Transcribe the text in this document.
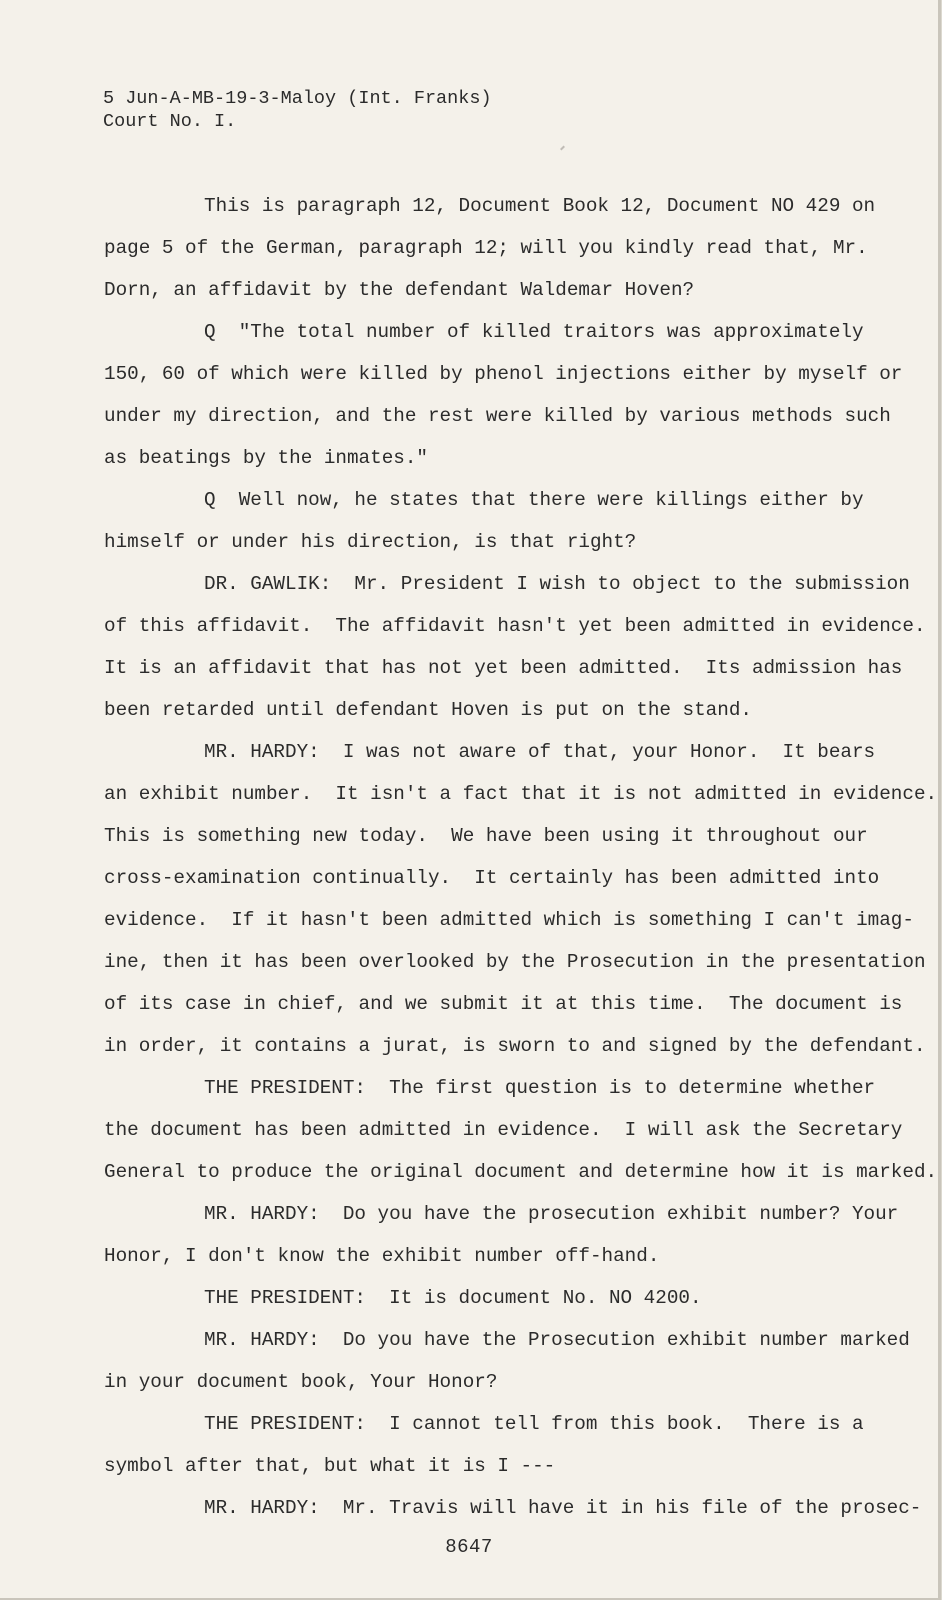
5 Jun-A-MB-19-3-Maloy (Int. Franks)
Court No. I.
This is paragraph 12, Document Book 12, Document NO 429 on
page 5 of the German, paragraph 12; will you kindly read that, Mr.
Dorn, an affidavit by the defendant Waldemar Hoven?
Q  "The total number of killed traitors was approximately
150, 60 of which were killed by phenol injections either by myself or
under my direction, and the rest were killed by various methods such
as beatings by the inmates."
Q  Well now, he states that there were killings either by
himself or under his direction, is that right?
DR. GAWLIK:  Mr. President I wish to object to the submission
of this affidavit.  The affidavit hasn't yet been admitted in evidence.
It is an affidavit that has not yet been admitted.  Its admission has
been retarded until defendant Hoven is put on the stand.
MR. HARDY:  I was not aware of that, your Honor.  It bears
an exhibit number.  It isn't a fact that it is not admitted in evidence.
This is something new today.  We have been using it throughout our
cross-examination continually.  It certainly has been admitted into
evidence.  If it hasn't been admitted which is something I can't imag-
ine, then it has been overlooked by the Prosecution in the presentation
of its case in chief, and we submit it at this time.  The document is
in order, it contains a jurat, is sworn to and signed by the defendant.
THE PRESIDENT:  The first question is to determine whether
the document has been admitted in evidence.  I will ask the Secretary
General to produce the original document and determine how it is marked.
MR. HARDY:  Do you have the prosecution exhibit number? Your
Honor, I don't know the exhibit number off-hand.
THE PRESIDENT:  It is document No. NO 4200.
MR. HARDY:  Do you have the Prosecution exhibit number marked
in your document book, Your Honor?
THE PRESIDENT:  I cannot tell from this book.  There is a
symbol after that, but what it is I ---
MR. HARDY:  Mr. Travis will have it in his file of the prosec-
8647
